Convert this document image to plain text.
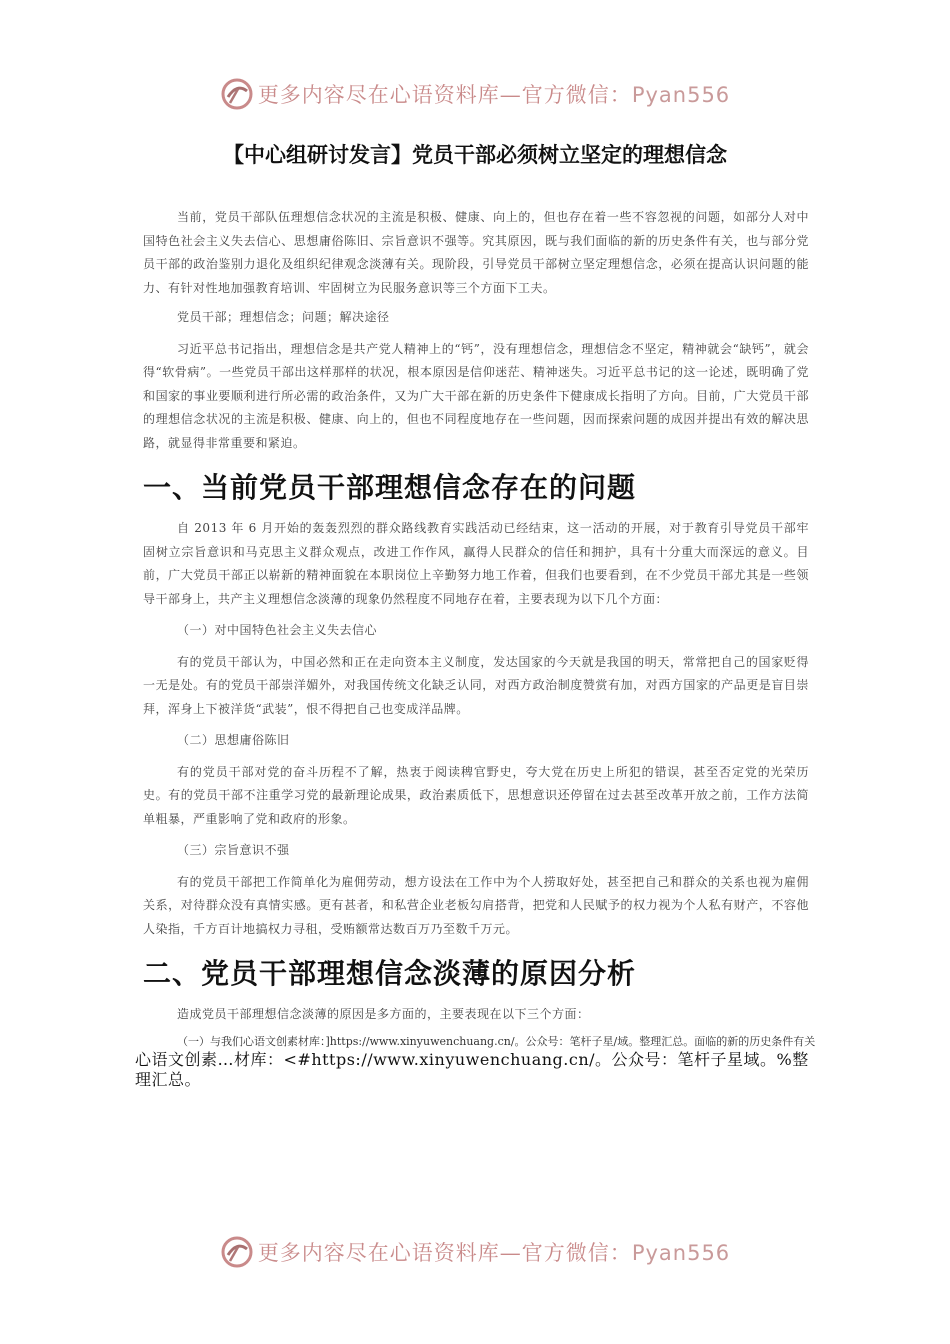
更多内容尽在心语资料库—官方微信：Pyan556
【中心组研讨发言】党员干部必须树立坚定的理想信念

当前，党员干部队伍理想信念状况的主流是积极、健康、向上的，但也存在着一些不容忽视的问题，如部分人对中国特色社会主义失去信心、思想庸俗陈旧、宗旨意识不强等。究其原因，既与我们面临的新的历史条件有关，也与部分党员干部的政治鉴别力退化及组织纪律观念淡薄有关。现阶段，引导党员干部树立坚定理想信念，必须在提高认识问题的能力、有针对性地加强教育培训、牢固树立为民服务意识等三个方面下工夫。

党员干部；理想信念；问题；解决途径

习近平总书记指出，理想信念是共产党人精神上的“钙”，没有理想信念，理想信念不坚定，精神就会“缺钙”，就会得“软骨病”。一些党员干部出这样那样的状况，根本原因是信仰迷茫、精神迷失。习近平总书记的这一论述，既明确了党和国家的事业要顺利进行所必需的政治条件，又为广大干部在新的历史条件下健康成长指明了方向。目前，广大党员干部的理想信念状况的主流是积极、健康、向上的，但也不同程度地存在一些问题，因而探索问题的成因并提出有效的解决思路，就显得非常重要和紧迫。

一、当前党员干部理想信念存在的问题

自 2013 年 6 月开始的轰轰烈烈的群众路线教育实践活动已经结束，这一活动的开展，对于教育引导党员干部牢固树立宗旨意识和马克思主义群众观点，改进工作作风，赢得人民群众的信任和拥护，具有十分重大而深远的意义。目前，广大党员干部正以崭新的精神面貌在本职岗位上辛勤努力地工作着，但我们也要看到，在不少党员干部尤其是一些领导干部身上，共产主义理想信念淡薄的现象仍然程度不同地存在着，主要表现为以下几个方面：

（一）对中国特色社会主义失去信心

有的党员干部认为，中国必然和正在走向资本主义制度，发达国家的今天就是我国的明天，常常把自己的国家贬得一无是处。有的党员干部崇洋媚外，对我国传统文化缺乏认同，对西方政治制度赞赏有加，对西方国家的产品更是盲目崇拜，浑身上下被洋货“武装”，恨不得把自己也变成洋品牌。

（二）思想庸俗陈旧

有的党员干部对党的奋斗历程不了解，热衷于阅读稗官野史，夸大党在历史上所犯的错误，甚至否定党的光荣历史。有的党员干部不注重学习党的最新理论成果，政治素质低下，思想意识还停留在过去甚至改革开放之前，工作方法简单粗暴，严重影响了党和政府的形象。

（三）宗旨意识不强

有的党员干部把工作简单化为雇佣劳动，想方设法在工作中为个人捞取好处，甚至把自己和群众的关系也视为雇佣关系，对待群众没有真情实感。更有甚者，和私营企业老板勾肩搭背，把党和人民赋予的权力视为个人私有财产，不容他人染指，千方百计地搞权力寻租，受贿额常达数百万乃至数千万元。

二、党员干部理想信念淡薄的原因分析

造成党员干部理想信念淡薄的原因是多方面的，主要表现在以下三个方面：

（一）与我们心语文创素材库：]https://www.xinyuwenchuang.cn/。公众号：笔杆子星/域。整理汇总。面临的新的历史条件有关
心语文创素…材库：<#https://www.xinyuwenchuang.cn/。公众号：笔杆子星域。%整理汇总。
更多内容尽在心语资料库—官方微信：Pyan556
